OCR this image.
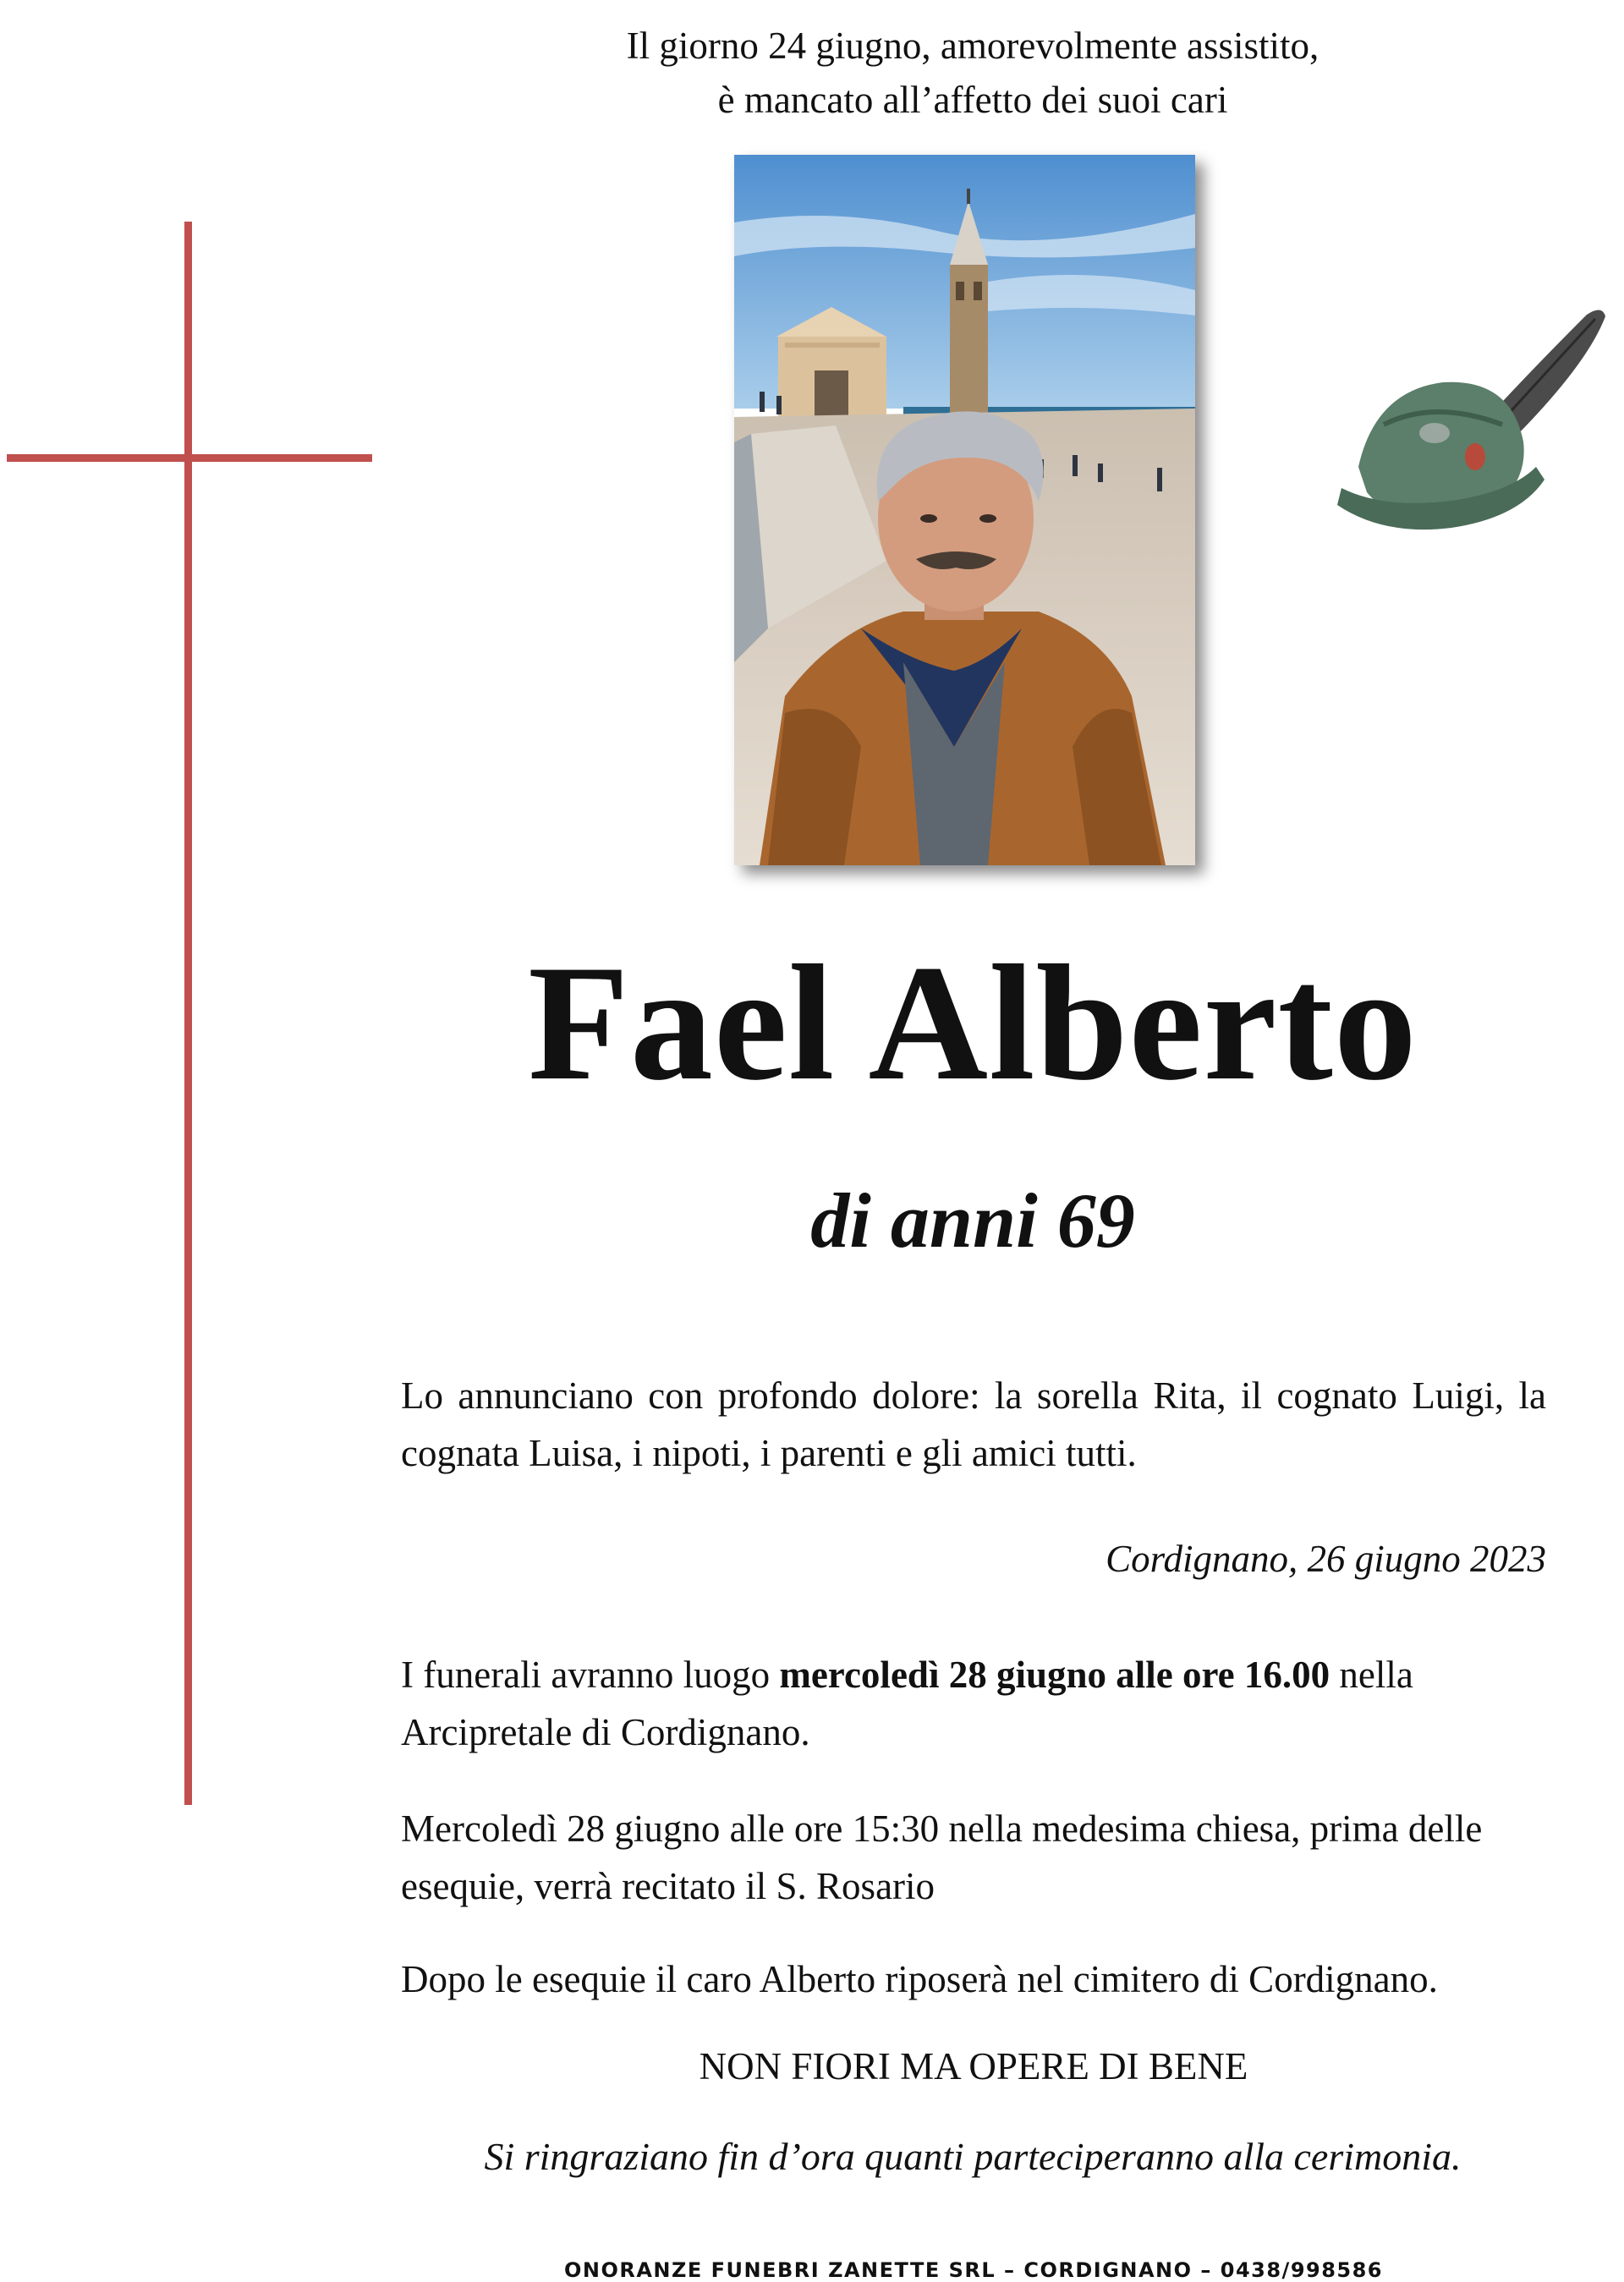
Il giorno 24 giugno, amorevolmente assistito,
è mancato all’affetto dei suoi cari
Fael Alberto
di anni 69
Lo annunciano con profondo dolore: la sorella Rita, il cognato Luigi, la cognata Luisa, i nipoti, i parenti e gli amici tutti.
Cordignano, 26 giugno 2023
I funerali avranno luogo mercoledì 28 giugno alle ore 16.00 nella Arcipretale di Cordignano.
Mercoledì 28 giugno alle ore 15:30 nella medesima chiesa, prima delle esequie, verrà recitato il S. Rosario
Dopo le esequie il caro Alberto riposerà nel cimitero di Cordignano.
NON FIORI MA OPERE DI BENE
Si ringraziano fin d’ora quanti parteciperanno alla cerimonia.
ONORANZE FUNEBRI ZANETTE SRL – CORDIGNANO – 0438/998586
